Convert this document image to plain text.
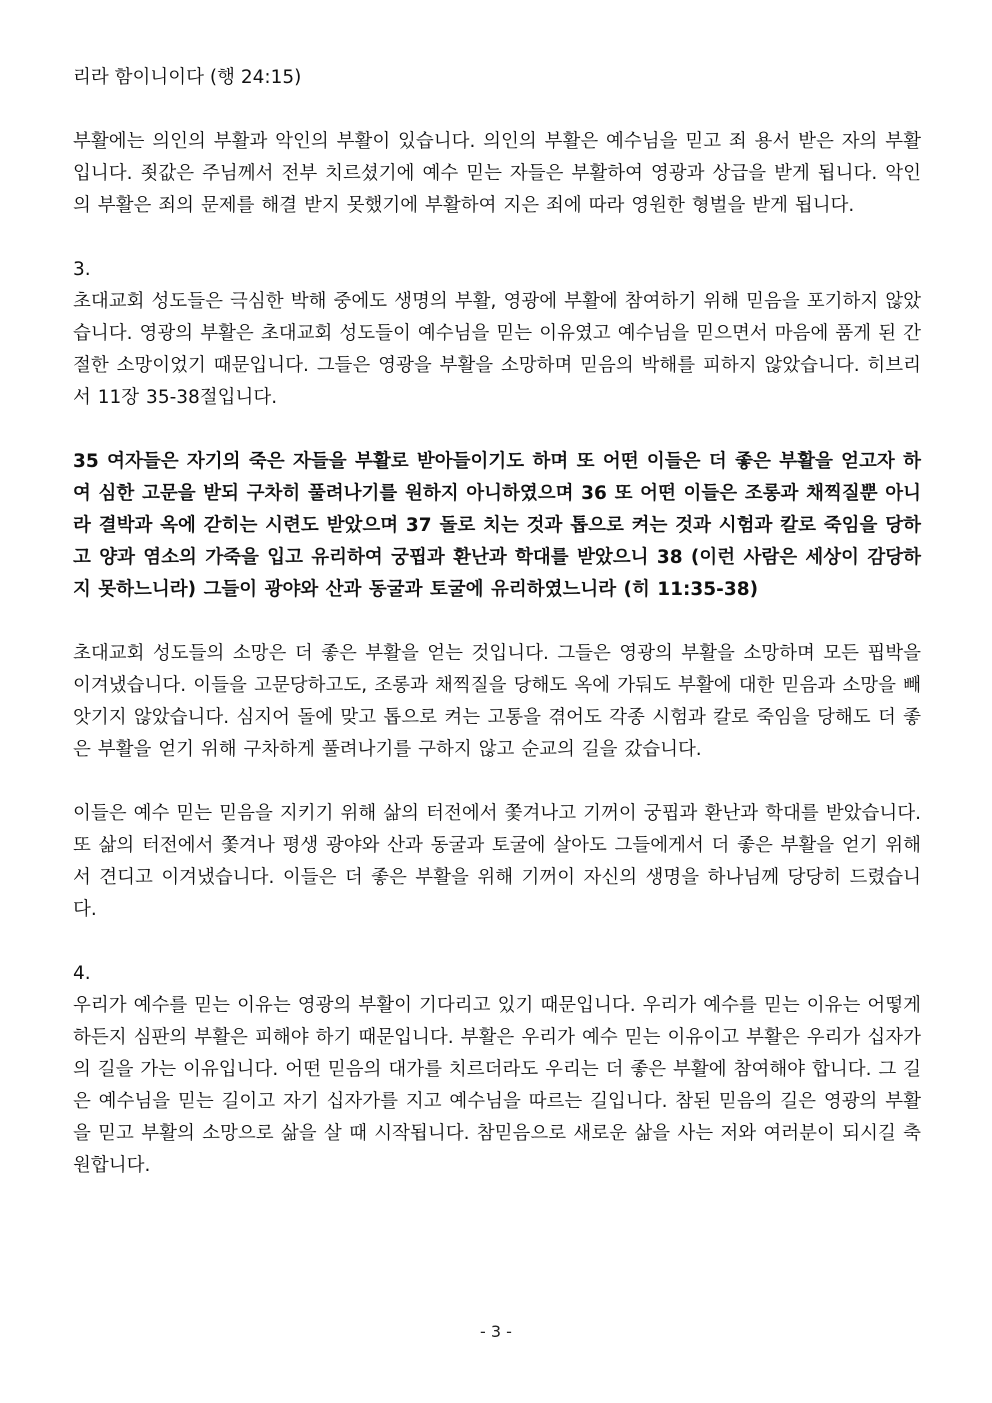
리라 함이니이다 (행 24:15)

부활에는 의인의 부활과 악인의 부활이 있습니다. 의인의 부활은 예수님을 믿고 죄 용서 받은 자의 부활입니다. 죗값은 주님께서 전부 치르셨기에 예수 믿는 자들은 부활하여 영광과 상급을 받게 됩니다. 악인의 부활은 죄의 문제를 해결 받지 못했기에 부활하여 지은 죄에 따라 영원한 형벌을 받게 됩니다.

3.

초대교회 성도들은 극심한 박해 중에도 생명의 부활, 영광에 부활에 참여하기 위해 믿음을 포기하지 않았습니다. 영광의 부활은 초대교회 성도들이 예수님을 믿는 이유였고 예수님을 믿으면서 마음에 품게 된 간절한 소망이었기 때문입니다. 그들은 영광을 부활을 소망하며 믿음의 박해를 피하지 않았습니다. 히브리서 11장 35-38절입니다.

35 여자들은 자기의 죽은 자들을 부활로 받아들이기도 하며 또 어떤 이들은 더 좋은 부활을 얻고자 하여 심한 고문을 받되 구차히 풀려나기를 원하지 아니하였으며 36 또 어떤 이들은 조롱과 채찍질뿐 아니라 결박과 옥에 갇히는 시련도 받았으며 37 돌로 치는 것과 톱으로 켜는 것과 시험과 칼로 죽임을 당하고 양과 염소의 가죽을 입고 유리하여 궁핍과 환난과 학대를 받았으니 38 (이런 사람은 세상이 감당하지 못하느니라) 그들이 광야와 산과 동굴과 토굴에 유리하였느니라 (히 11:35-38)

초대교회 성도들의 소망은 더 좋은 부활을 얻는 것입니다. 그들은 영광의 부활을 소망하며 모든 핍박을 이겨냈습니다. 이들을 고문당하고도, 조롱과 채찍질을 당해도 옥에 가둬도 부활에 대한 믿음과 소망을 빼앗기지 않았습니다. 심지어 돌에 맞고 톱으로 켜는 고통을 겪어도 각종 시험과 칼로 죽임을 당해도 더 좋은 부활을 얻기 위해 구차하게 풀려나기를 구하지 않고 순교의 길을 갔습니다.

이들은 예수 믿는 믿음을 지키기 위해 삶의 터전에서 쫓겨나고 기꺼이 궁핍과 환난과 학대를 받았습니다. 또 삶의 터전에서 쫓겨나 평생 광야와 산과 동굴과 토굴에 살아도 그들에게서 더 좋은 부활을 얻기 위해서 견디고 이겨냈습니다. 이들은 더 좋은 부활을 위해 기꺼이 자신의 생명을 하나님께 당당히 드렸습니다.

4.

우리가 예수를 믿는 이유는 영광의 부활이 기다리고 있기 때문입니다. 우리가 예수를 믿는 이유는 어떻게 하든지 심판의 부활은 피해야 하기 때문입니다. 부활은 우리가 예수 믿는 이유이고 부활은 우리가 십자가의 길을 가는 이유입니다. 어떤 믿음의 대가를 치르더라도 우리는 더 좋은 부활에 참여해야 합니다. 그 길은 예수님을 믿는 길이고 자기 십자가를 지고 예수님을 따르는 길입니다. 참된 믿음의 길은 영광의 부활을 믿고 부활의 소망으로 삶을 살 때 시작됩니다. 참믿음으로 새로운 삶을 사는 저와 여러분이 되시길 축원합니다.

- 3 -
